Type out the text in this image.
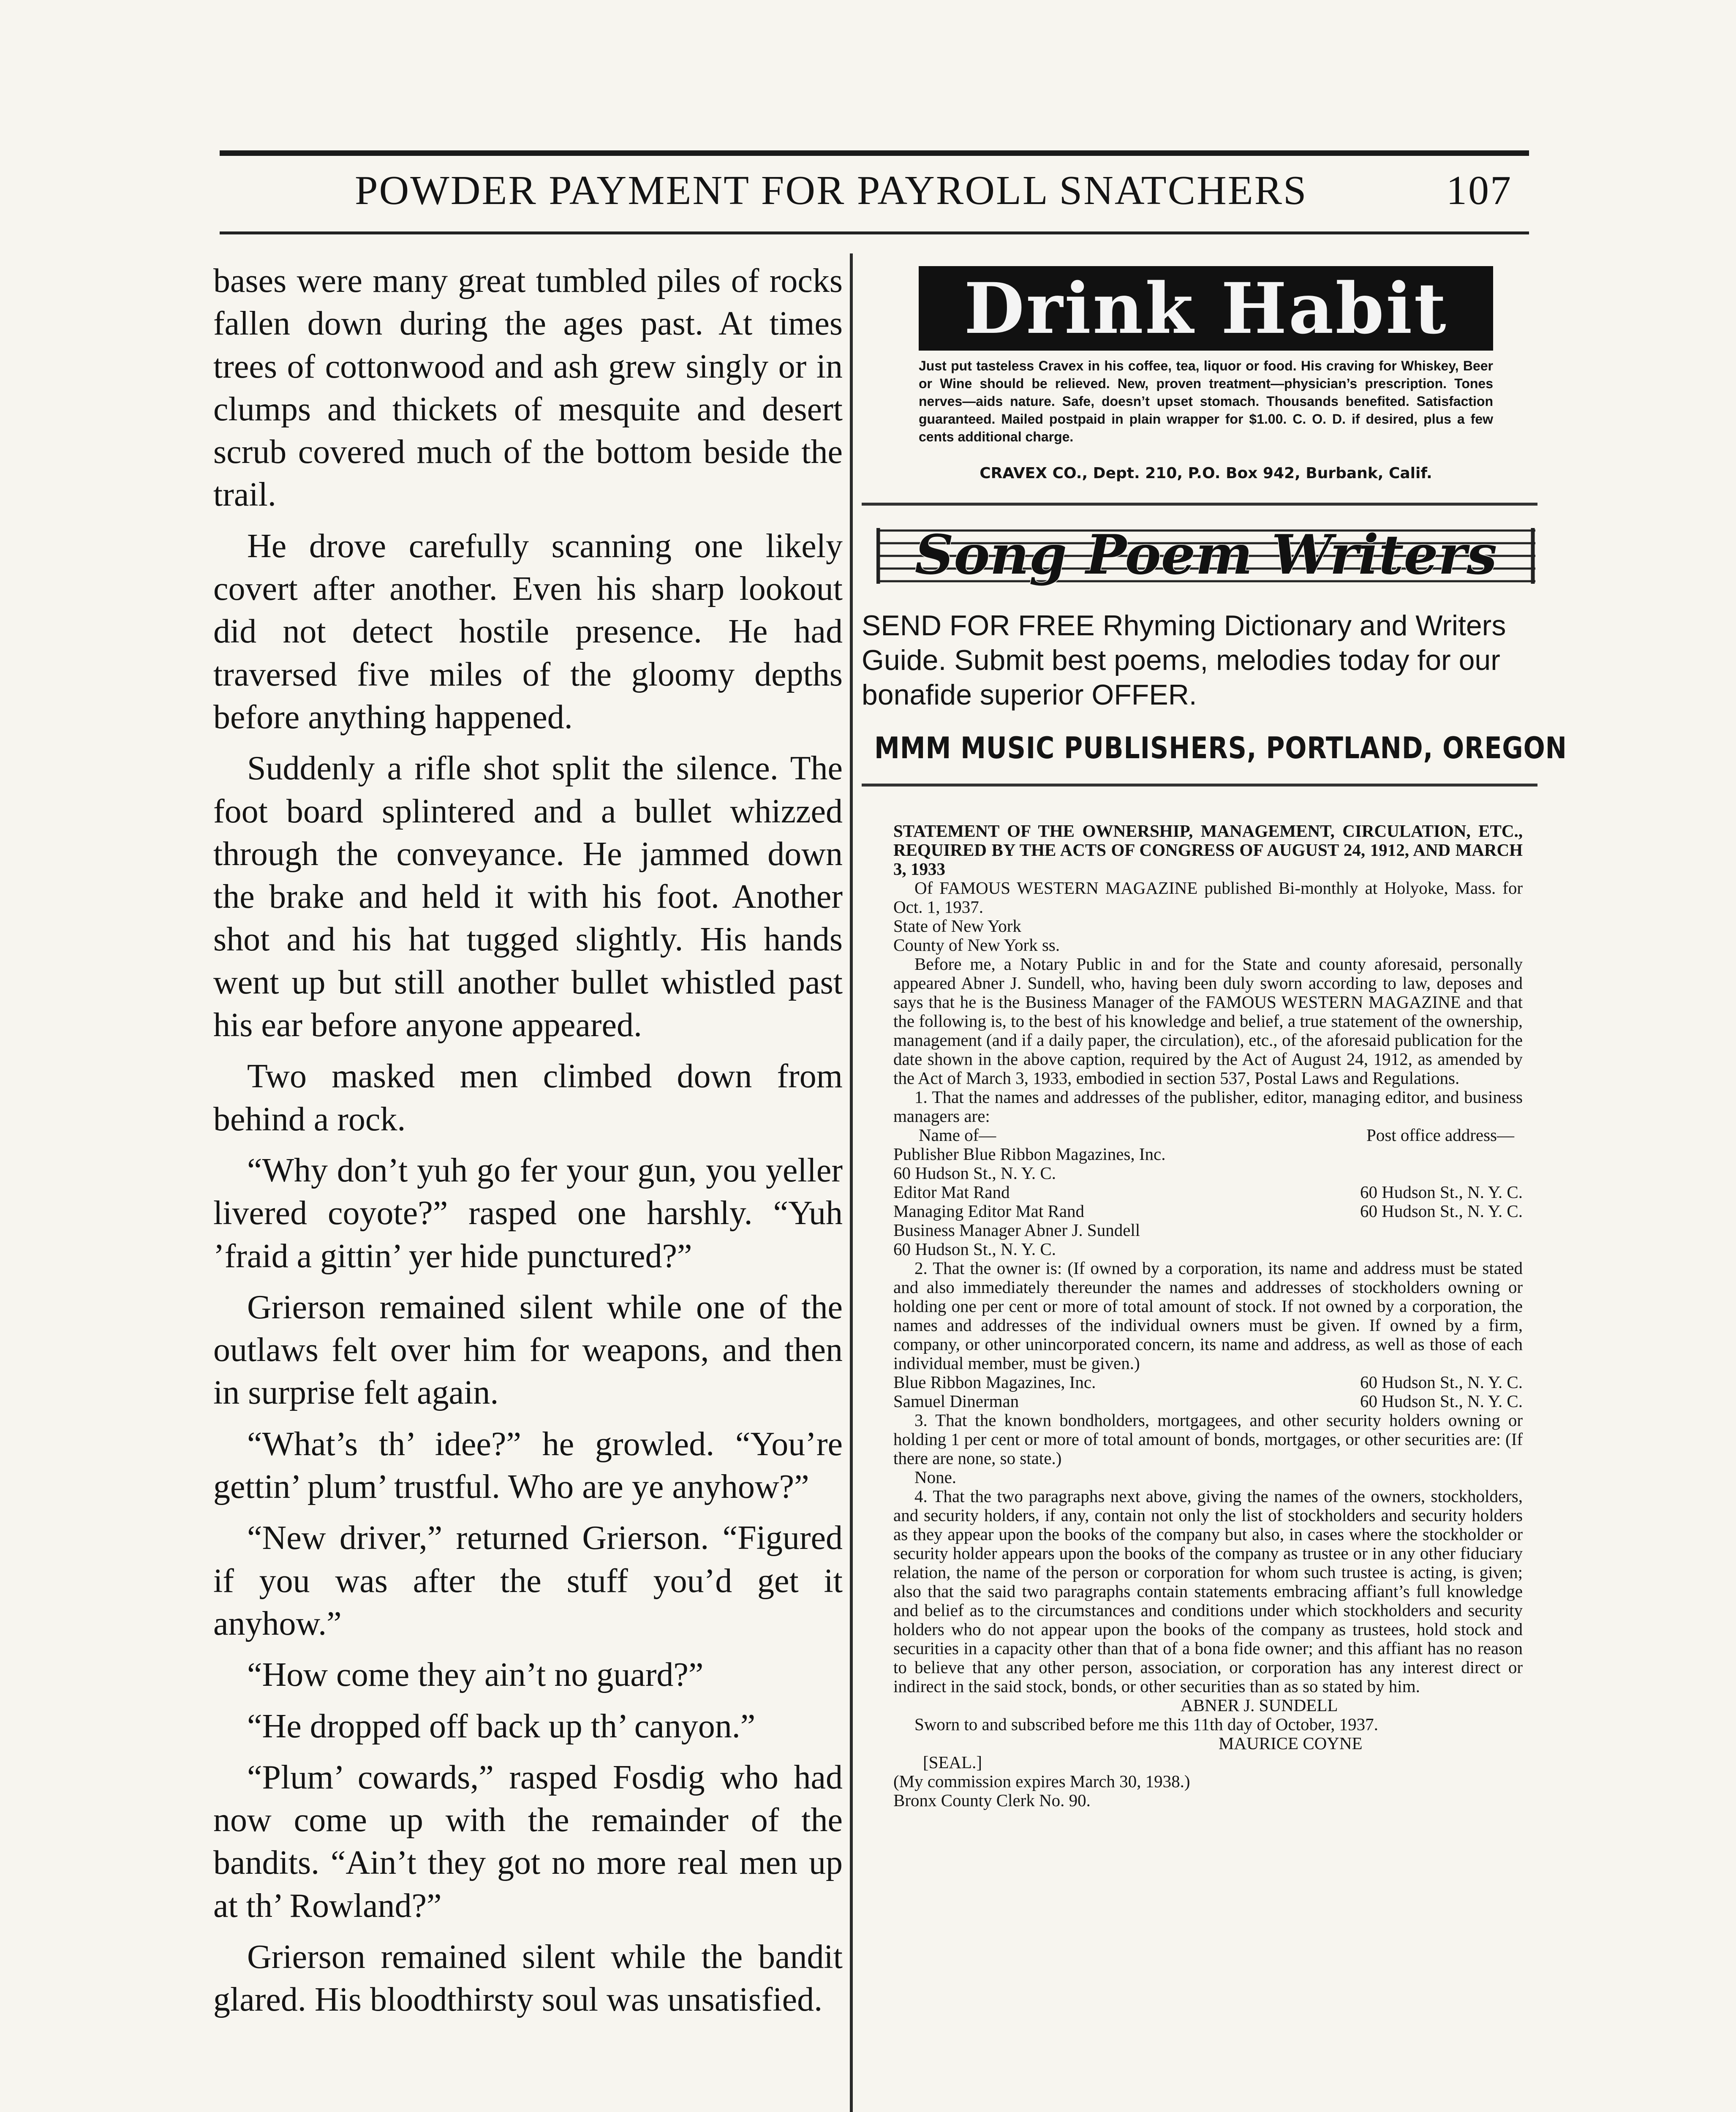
POWDER PAYMENT FOR PAYROLL SNATCHERS	107

bases were many great tumbled piles of rocks fallen down during the ages past. At times trees of cottonwood and ash grew singly or in clumps and thickets of mesquite and desert scrub covered much of the bottom beside the trail.

He drove carefully scanning one likely covert after another. Even his sharp lookout did not detect hostile presence. He had traversed five miles of the gloomy depths before anything happened.

Suddenly a rifle shot split the silence. The foot board splintered and a bullet whizzed through the conveyance. He jammed down the brake and held it with his foot. Another shot and his hat tugged slightly. His hands went up but still another bullet whistled past his ear before anyone appeared.

Two masked men climbed down from behind a rock.

“Why don’t yuh go fer your gun, you yeller livered coyote?” rasped one harshly. “Yuh ’fraid a gittin’ yer hide punctured?”

Grierson remained silent while one of the outlaws felt over him for weapons, and then in surprise felt again.

“What’s th’ idee?” he growled. “You’re gettin’ plum’ trustful. Who are ye anyhow?”

“New driver,” returned Grierson. “Figured if you was after the stuff you’d get it anyhow.”

“How come they ain’t no guard?”

“He dropped off back up th’ canyon.”

“Plum’ cowards,” rasped Fosdig who had now come up with the remainder of the bandits. “Ain’t they got no more real men up at th’ Rowland?”

Grierson remained silent while the bandit glared. His bloodthirsty soul was unsatisfied.

Drink Habit
Just put tasteless Cravex in his coffee, tea, liquor or food. His craving for Whiskey, Beer or Wine should be relieved. New, proven treatment—physician’s prescription. Tones nerves—aids nature. Safe, doesn’t upset stomach. Thousands benefited. Satisfaction guaranteed. Mailed postpaid in plain wrapper for $1.00. C. O. D. if desired, plus a few cents additional charge.
CRAVEX CO., Dept. 210, P.O. Box 942, Burbank, Calif.
Song Poem Writers
SEND FOR FREE Rhyming Dictionary and Writers Guide. Submit best poems, melodies today for our bonafide superior OFFER.
MMM MUSIC PUBLISHERS, PORTLAND, OREGON

STATEMENT OF THE OWNERSHIP, MANAGEMENT, CIRCULATION, ETC., REQUIRED BY THE ACTS OF CONGRESS OF AUGUST 24, 1912, AND MARCH 3, 1933

Of FAMOUS WESTERN MAGAZINE published Bi-monthly at Holyoke, Mass. for Oct. 1, 1937.

State of New York

County of New York ss.

Before me, a Notary Public in and for the State and county aforesaid, personally appeared Abner J. Sundell, who, having been duly sworn according to law, deposes and says that he is the Business Manager of the FAMOUS WESTERN MAGAZINE and that the following is, to the best of his knowledge and belief, a true statement of the ownership, management (and if a daily paper, the circulation), etc., of the aforesaid publication for the date shown in the above caption, required by the Act of August 24, 1912, as amended by the Act of March 3, 1933, embodied in section 537, Postal Laws and Regulations.

1. That the names and addresses of the publisher, editor, managing editor, and business managers are:

Name of—	Post office address—

Publisher Blue Ribbon Magazines, Inc.

60 Hudson St., N. Y. C.

Editor Mat Rand	60 Hudson St., N. Y. C.
Managing Editor Mat Rand	60 Hudson St., N. Y. C.

Business Manager Abner J. Sundell

60 Hudson St., N. Y. C.

2. That the owner is: (If owned by a corporation, its name and address must be stated and also immediately thereunder the names and addresses of stockholders owning or holding one per cent or more of total amount of stock. If not owned by a corporation, the names and addresses of the individual owners must be given. If owned by a firm, company, or other unincorporated concern, its name and address, as well as those of each individual member, must be given.)

Blue Ribbon Magazines, Inc.	60 Hudson St., N. Y. C.
Samuel Dinerman	60 Hudson St., N. Y. C.

3. That the known bondholders, mortgagees, and other security holders owning or holding 1 per cent or more of total amount of bonds, mortgages, or other securities are: (If there are none, so state.)

None.

4. That the two paragraphs next above, giving the names of the owners, stockholders, and security holders, if any, contain not only the list of stockholders and security holders as they appear upon the books of the company but also, in cases where the stockholder or security holder appears upon the books of the company as trustee or in any other fiduciary relation, the name of the person or corporation for whom such trustee is acting, is given; also that the said two paragraphs contain statements embracing affiant’s full knowledge and belief as to the circumstances and conditions under which stockholders and security holders who do not appear upon the books of the company as trustees, hold stock and securities in a capacity other than that of a bona fide owner; and this affiant has no reason to believe that any other person, association, or corporation has any interest direct or indirect in the said stock, bonds, or other securities than as so stated by him.

ABNER J. SUNDELL

Sworn to and subscribed before me this 11th day of October, 1937.

MAURICE COYNE

[SEAL.]

(My commission expires March 30, 1938.)

Bronx County Clerk No. 90.
